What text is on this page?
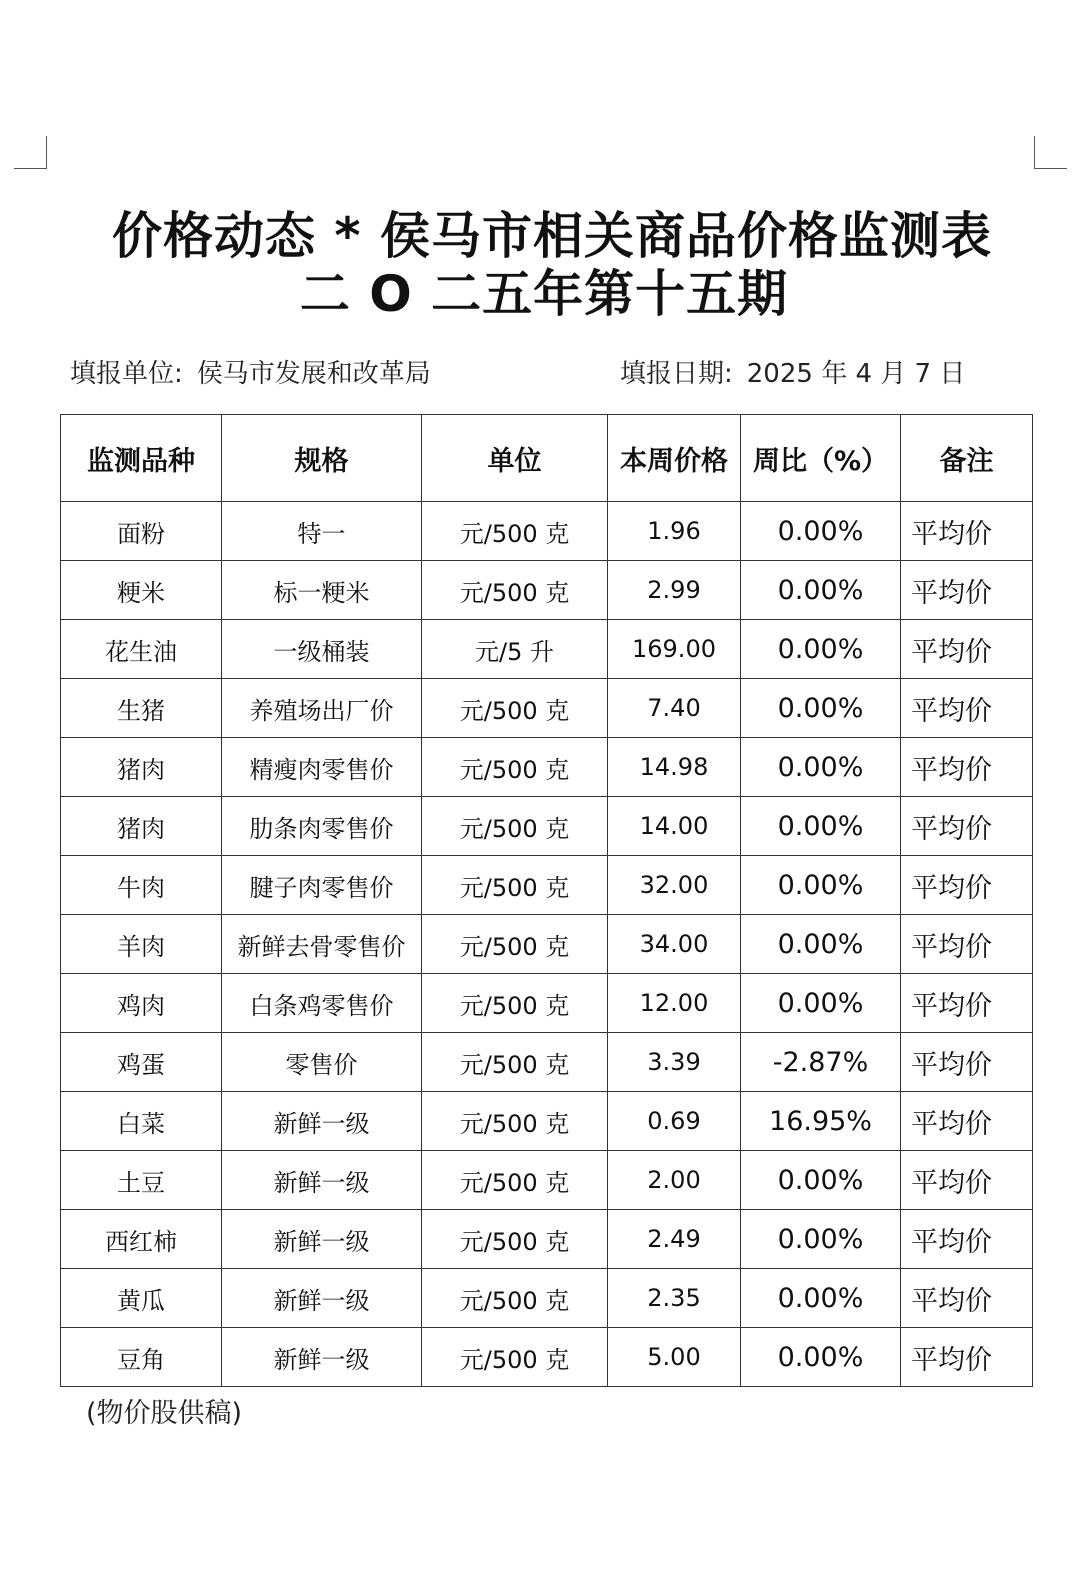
价格动态 * 侯马市相关商品价格监测表
二 O 二五年第十五期
填报单位: 侯马市发展和改革局	填报日期: 2025 年 4 月 7 日
监测品种	规格	单位	本周价格	周比（%）	备注
面粉	特一	元/500 克	1.96	0.00%	平均价
粳米	标一粳米	元/500 克	2.99	0.00%	平均价
花生油	一级桶装	元/5 升	169.00	0.00%	平均价
生猪	养殖场出厂价	元/500 克	7.40	0.00%	平均价
猪肉	精瘦肉零售价	元/500 克	14.98	0.00%	平均价
猪肉	肋条肉零售价	元/500 克	14.00	0.00%	平均价
牛肉	腱子肉零售价	元/500 克	32.00	0.00%	平均价
羊肉	新鲜去骨零售价	元/500 克	34.00	0.00%	平均价
鸡肉	白条鸡零售价	元/500 克	12.00	0.00%	平均价
鸡蛋	零售价	元/500 克	3.39	-2.87%	平均价
白菜	新鲜一级	元/500 克	0.69	16.95%	平均价
土豆	新鲜一级	元/500 克	2.00	0.00%	平均价
西红柿	新鲜一级	元/500 克	2.49	0.00%	平均价
黄瓜	新鲜一级	元/500 克	2.35	0.00%	平均价
豆角	新鲜一级	元/500 克	5.00	0.00%	平均价
(物价股供稿)
